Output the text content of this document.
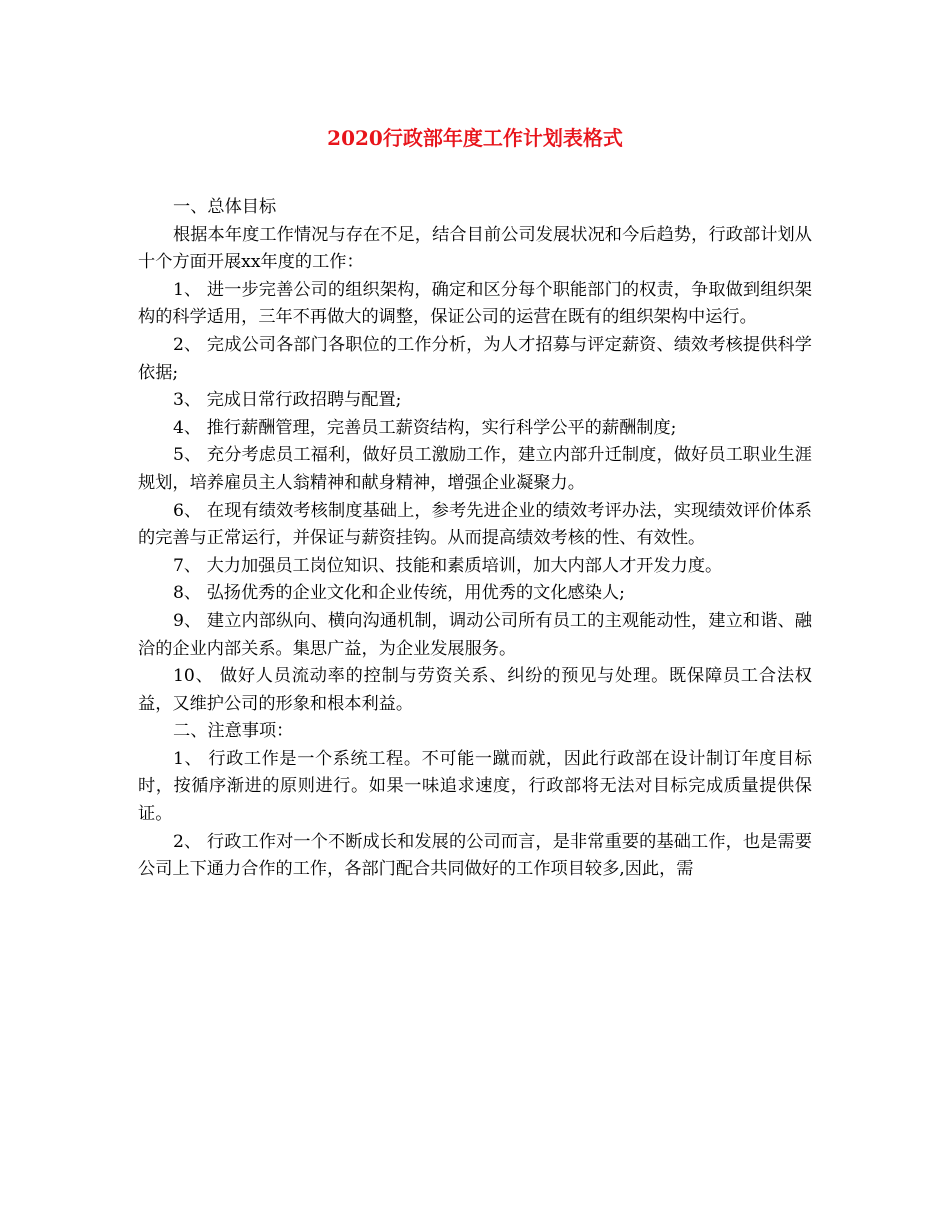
2020行政部年度工作计划表格式

一、总体目标

根据本年度工作情况与存在不足，结合目前公司发展状况和今后趋势，行政部计划从十个方面开展xx年度的工作：

1、 进一步完善公司的组织架构，确定和区分每个职能部门的权责，争取做到组织架构的科学适用，三年不再做大的调整，保证公司的运营在既有的组织架构中运行。

2、 完成公司各部门各职位的工作分析，为人才招募与评定薪资、绩效考核提供科学依据;

3、 完成日常行政招聘与配置;

4、 推行薪酬管理，完善员工薪资结构，实行科学公平的薪酬制度;

5、 充分考虑员工福利，做好员工激励工作，建立内部升迁制度，做好员工职业生涯规划，培养雇员主人翁精神和献身精神，增强企业凝聚力。

6、 在现有绩效考核制度基础上，参考先进企业的绩效考评办法，实现绩效评价体系的完善与正常运行，并保证与薪资挂钩。从而提高绩效考核的性、有效性。

7、 大力加强员工岗位知识、技能和素质培训，加大内部人才开发力度。

8、 弘扬优秀的企业文化和企业传统，用优秀的文化感染人;

9、 建立内部纵向、横向沟通机制，调动公司所有员工的主观能动性，建立和谐、融洽的企业内部关系。集思广益，为企业发展服务。

10、 做好人员流动率的控制与劳资关系、纠纷的预见与处理。既保障员工合法权益，又维护公司的形象和根本利益。

二、注意事项：

1、 行政工作是一个系统工程。不可能一蹴而就，因此行政部在设计制订年度目标时，按循序渐进的原则进行。如果一味追求速度，行政部将无法对目标完成质量提供保证。

2、 行政工作对一个不断成长和发展的公司而言，是非常重要的基础工作，也是需要公司上下通力合作的工作，各部门配合共同做好的工作项目较多,因此，需
